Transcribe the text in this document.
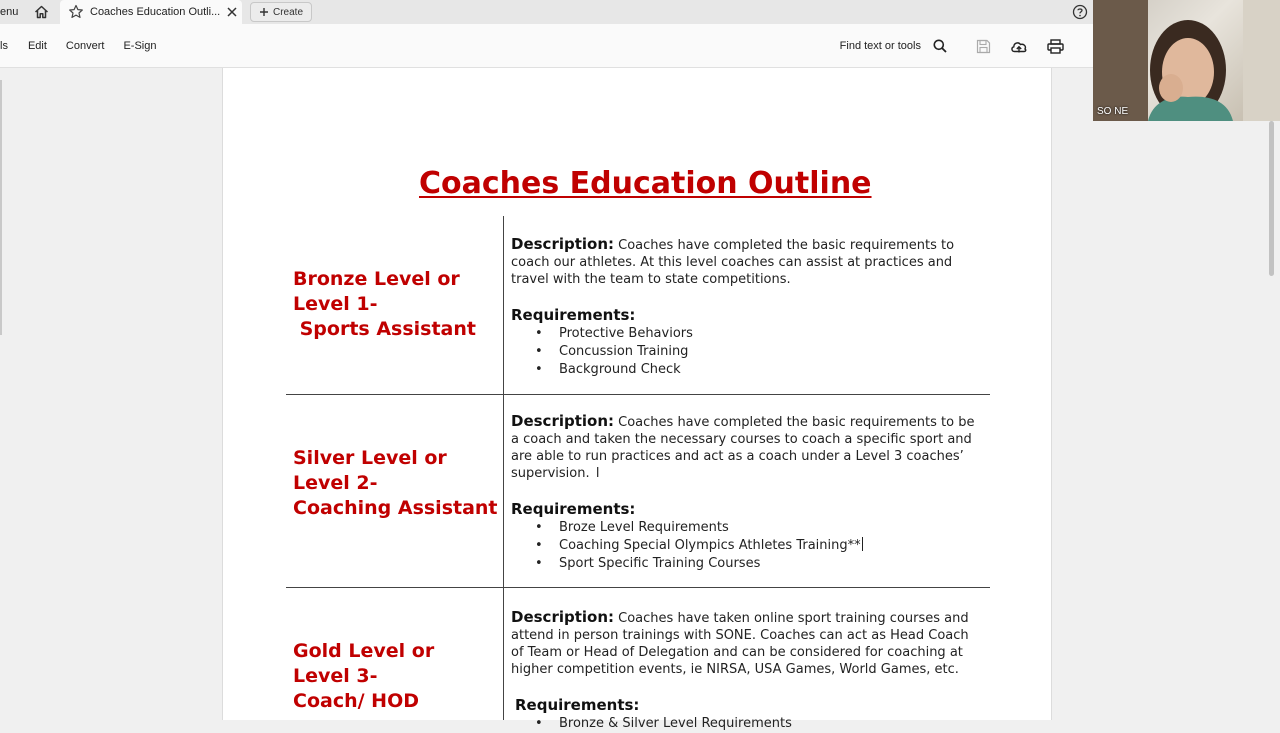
enu	Coaches Education Outli...	Create
ls Edit Convert E-Sign	Find text or tools
SO NE
Coaches Education Outline
Bronze Level or
Level 1-
Sports Assistant
Description: Coaches have completed the basic requirements to coach our athletes. At this level coaches can assist at practices and travel with the team to state competitions.
Requirements:
• Protective Behaviors
• Concussion Training
• Background Check
Silver Level or
Level 2-
Coaching Assistant
Description: Coaches have completed the basic requirements to be a coach and taken the necessary courses to coach a specific sport and are able to run practices and act as a coach under a Level 3 coaches’ supervision. I
Requirements:
• Broze Level Requirements
• Coaching Special Olympics Athletes Training**
• Sport Specific Training Courses
Gold Level or
Level 3-
Coach/ HOD
Description: Coaches have taken online sport training courses and attend in person trainings with SONE. Coaches can act as Head Coach of Team or Head of Delegation and can be considered for coaching at higher competition events, ie NIRSA, USA Games, World Games, etc.
Requirements:
• Bronze & Silver Level Requirements
